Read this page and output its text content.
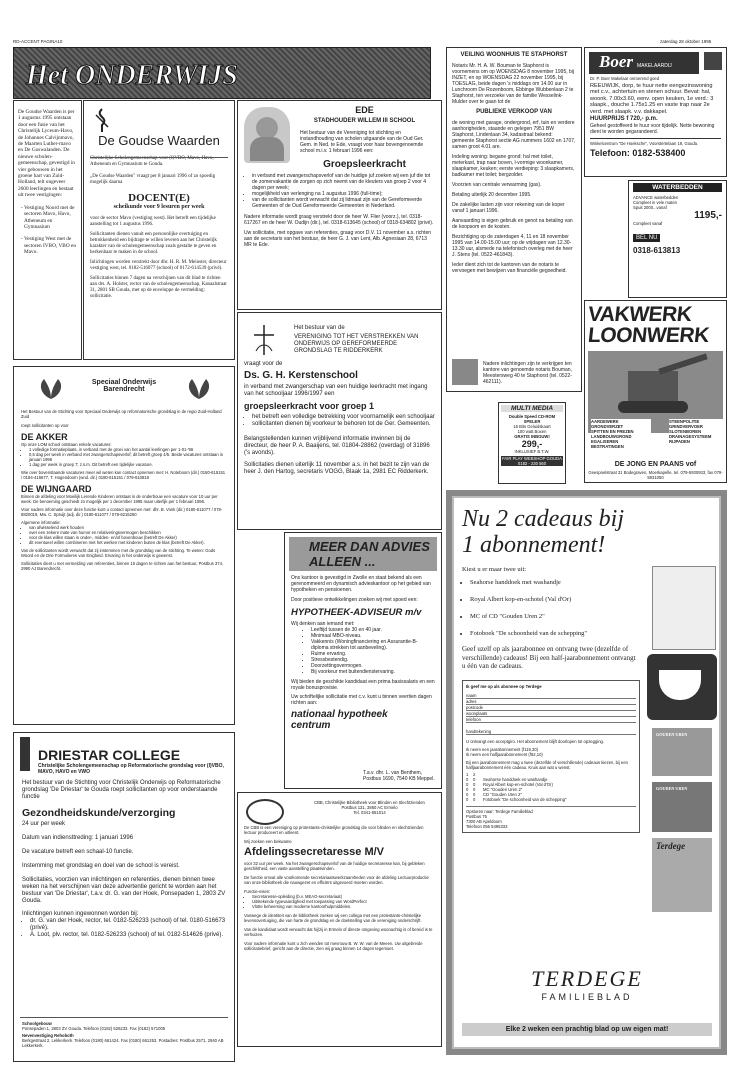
RD-ACCENT PAGINA10	zaterdag 28 oktober 1995
Het ONDERWIJS
De Goudse Waarden is per 1 augustus 1995 ontstaan door een fusie van het Christelijk Lyceum-Havo, de Johannes Calvijnmavo, de Maarten Luther-mavo en De Goswalanden. De nieuwe scholen-gemeenschap, gevestigd in vier gebouwen in het groene hart van Zuid-Holland, telt ongeveer 2600 leerlingen en bestaat uit twee vestigingen:
- Vestiging Noord met de sectoren Mavo, Havo, Atheneum en Gymnasium
- Vestiging West met de sectoren IVBO, VBO en Mavo.
De Goudse Waarden
Christelijke Scholengemeenschap voor (I)VBO, Mavo, Havo, Atheneum en Gymnasium te Gouda.
„De Goudse Waarden" vraagt per 8 januari 1996 of zo spoedig mogelijk daarna
DOCENT(E)
scheikunde voor 9 lesuren per week
voor de sector Mavo (vestiging west). Het betreft een tijdelijke aanstelling tot 1 augustus 1996.
Sollicitanten dienen vanuit een persoonlijke overtuiging en betrokkenheid een bijdrage te willen leveren aan het Christelijk karakter van de scholengemeenschap zoals gestalte te geven en herkenbaar te maken in de school.
Inlichtingen worden verstrekt door dhr. H. R. M. Meinster, directeur vestiging west, tel. 0182-516077 (school) of 0172-614539 (privé).
Sollicitaties binnen 7 dagen na verschijnen van dit blad te richten aan drs. A. Holster, rector van de scholengemeenschap, Kanaalstraat 31, 2801 SB Gouda, met op de enveloppe de vermelding: sollicitatie.
EDE
STADHOUDER WILLEM III SCHOOL
Het bestuur van de Vereniging tot stichting en instandhouding van scholen uitgaande van de Oud Ger. Gem. in Ned. te Ede, vraagt voor haar bovengenoemde school m.i.v. 1 februari 1996 een:
Groepsleerkracht
• in verband met zwangerschapsverlof van de huidige juf zoeken wij een juf die tot de zomervakantie de zorgen op zich neemt van de kleuters van groep 2 voor 4 dagen per week;
• mogelijkheid van verlenging na 1 augustus 1996 (full-time);
• van de sollicitanten wordt verwacht dat zij lidmaat zijn van de Gereformeerde Gemeenten of de Oud Gereformeerde Gemeenten in Nederland.
Nadere informatie wordt graag verstrekt door de heer W. Flier (voorz.), tel. 0318-617267 en de heer W. Oudijn (dir.), tel. 0318-613645 (school) of 0318-634802 (privé).
Uw sollicitatie, met opgave van referenties, graag voor D.V. 11 november a.s. richten aan de secretaris van het bestuur, de heer G. J. van Lent, Alb. Agnesiaan 28, 6713 MR te Ede.
VEILING WOONHUIS TE STAPHORST
Notaris Mr. H. A. W. Bouman te Staphorst is voornemens om op WOENSDAG 8 november 1995, bij INZET, en op WOENSDAG 22 november 1995, bij TOESLAG, beide dagen 's middags om 14.00 uur in Lunchroom De Rozenboom, Ebbinge Wubbenlaan 2 te Staphorst, ten verzoeke van de familie Wesselink-Mulder over te gaan tot de
PUBLIEKE VERKOOP VAN
de woning met garage, ondergrond, erf, tuin en verdere aanhorigheden, staande en gelegen 7951 BW Staphorst, Lindenlaan 34, kadastraal bekend: gemeente Staphorst sectie AG nummers 1602 en 1707, samen groot 4.01 are.
Indeling woning: begane grond: hal met toilet, meterkast, trap naar boven, l-vormige woonkamer, slaapkamer, keuken; eerste verdieping: 3 slaapkamers, badkamer met toilet; bergzolder.
Voorzien van centrale verwarming (gas).
Betaling uiterlijk 20 december 1995.
De zakelijke lasten zijn voor rekening van de koper vanaf 1 januari 1996.
Aanvaarding is eigen gebruik en genot na betaling van de koopsom en de kosten.
Bezichtiging op de zaterdagen 4, 11 en 18 november 1995 van 14.00-15.00 uur; op de vrijdagen van 12.30-13.30 uur, alsmede na telefonisch overleg met de heer J. Stens (tel. 0522-461843).
Ieder dient zich tot de kantoren van de notaris te vervoegen met bewijzen van financiële gegoedheid.
Nadere inlichtingen zijn te verkrijgen ten kantore van genoemde notaris Bouman, Meestersweg 40 te Staphorst (tel. 0522-462111).
Boer MAKELAARDIJ
Dr. P. Boer Makelaar onroerend goed
REEUWIJK, dorp, te huur nette eengezinswoning met c.v., achtertuin en stenen schuur. Bevat: hal, woonk. 7.00x3.60, eenv. open keuken, 1e verd.: 3 slaapk., douche 1.75x1.25 en vaste trap naar 2e verd. met slaapk. v.v. dakkapel.
HUURPRIJS f 720,- p.m.
Geheel gestoffeerd te huur voor tijdelijk. Nette bewoning dient te worden gegarandeerd.
Winkelcentrum "De Hoeksche", Voorstertelaan 19, Gouda.
Telefoon: 0182-538400
WATERBEDDEN
ADVANCE waterbedden
Compleet in vele maten
Spuit 2000...vanaf
1195,-
Compleet vanaf
BEL NU
0318-613813
VAKWERK
LOONWERK
AARDEWERK
GRONDVERZET
SPITTEN EN FREZEN
LANDBOUWGROND
EGALISEREN
BESTRATINGEN
STEENPOLITIE
GRINDVERVOER
SLOTENBOREN
DRAINAGESYSTEEM
RIJPADEN
DE JONG EN PAANS vof
Geespoelstraat 31 Bodegraven, Moerkapelle, tel. 079-5930933, fax 079-5931050
Speciaal Onderwijs Barendrecht
Het Bestuur van de Stichting voor Speciaal Onderwijs op reformatorische grondslag in de regio Zuid-Holland Zuid
roept sollicitanten op voor
DE AKKER
Op onze LOM school ontstaan enkele vacatures:
• 1 volledige formatieplaats, in verband met de groei van het aantal leerlingen per 1-01-'96
• 0,5 dag per week in verband met zwangerschapsverlof; dit betreft groep 4/5. Beide vacatures ontstaan in januari 1996
• 1 dag per week in groep 7; z.s.m. Dit betreft een tijdelijke vacature.
Wie over bovenstaande vacatures meer wil weten kan contact opnemen met: H. Noteboom (dir.) 0180-615151 / 0184-416677, T. Hogendoorn (wnd. dir.) 0180-615151 / 079-610818
DE WIJNGAARD
Binnen de afdeling voor Moeilijk Lerende Kinderen ontstaat in de onderbouw een vacature voor 10 uur per week. De benoeming geschiedt zo mogelijk per 1 december 1995 maar uiterlijk per 1 februari 1996.
Voor nadere informatie over deze functie kunt u contact opnemen met: dhr. B. Vonk (dir.) 0180-611077 / 078-6820019, Mw. C. Spruijt (adj. dir.) 0180-611077 / 078-6215250
Algemene informatie:
• van afwisselend werk houden
• over een zekere mate van humor en relativeringsvermogen beschikken
• voor de klas willen staan in onder-, midden- en/of bovenbouw (betreft De Akker)
• dit eventueel willen combineren met het werken met kinderen buiten de klas (betreft De Akker).
Van de sollicitanten wordt verwacht dat zij instemmen met de grondslag van de stichting. Te weten: Gods Woord en de Drie Formulieren van Enigheid. Ervaring in het onderwijs is gewenst.
Sollicitaties dient u met vermelding van referenties, binnen 10 dagen te richten aan het bestuur, Postbus 374, 2990 AJ Barendrecht.
Het bestuur van de
VERENIGING TOT HET VERSTREKKEN VAN ONDERWIJS OP GEREFORMEERDE GRONDSLAG TE RIDDERKERK
vraagt voor de
Ds. G. H. Kerstenschool
in verband met zwangerschap van een huidige leerkracht met ingang van het schooljaar 1996/1997 een
groepsleerkracht voor groep 1
• het betreft een volledige betrekking voor voornamelijk een schooljaar
• sollicitanten dienen bij voorkeur te behoren tot de Ger. Gemeenten.
Belangstellenden kunnen vrijblijvend informatie inwinnen bij de directeur, de heer P. A. Baaijens, tel. 01804-28862 (overdag) of 31896 ('s avonds).
Sollicitaties dienen uiterlijk 11 november a.s. in het bezit te zijn van de heer J. den Hartog, secretaris VOGG, Blaak 1a, 2981 EC Ridderkerk.
MULTI MEDIA
Double Speed CD-ROM SPELER
16 Bits Geluidskaart
100 watt Boxen
GRATIS INBOUW!
299,-
INKLUSIEF B.T.W.
FAIR PLAY WEBSHOP GOUDA 0182 - 230 560
Nu 2 cadeaus bij
1 abonnement!
Kiest u er maar twee uit:
• Seahorse handdoek met washandje
• Royal Albert kop-en-schotel (Val d'Or)
• MC of CD "Gouden Uren 2"
• Fotoboek "De schoonheid van de schepping"
Geef uzelf op als jaarabonnee en ontvang twee (dezelfde of verschillende) cadeaus! Bij een half-jaarabonnement ontvangt u één van de cadeaus.
GOUDEN UREN
GOUDEN UREN
Terdege
Ik geef me op als abonnee op Terdege
naam
adres
postcode
woonplaats
telefoon
handtekening
U ontvangt een acceptgiro. Het abonnement blijft doorlopen tot opzegging.
Ik neem een jaarabonnement (f119,30)
Ik neem een halfjaarabonnement (f62,10)
Bij een jaarabonnement mag u twee (dezelfde of verschillende) cadeaus kiezen, bij een halfjaarabonnement één cadeau. Kruis aan wat u wenst.
1 2
0 0 Seahorse handdoek en washandje
0 0 Royal Albert kop-en-schotel (Val d'Or)
0 0 MC "Gouden Uren 2"
0 0 CD "Gouden Uren 2"
0 0 Fotoboek "De schoonheid van de schepping"
Opsturen naar: Terdege Familieblad
Postbus 75
7300 AB Apeldoorn
Telefoon 055 5495333
TERDEGE
FAMILIEBLAD
Elke 2 weken een prachtig blad op uw eigen mat!
MEER DAN ADVIES
ALLEEN ...
Ons kantoor is gevestigd in Zwolle en staat bekend als een gerenommeerd en dynamisch advieskantoor op het gebied van hypotheken en pensioenen.
Door positieve ontwikkelingen zoeken wij met spoed een:
HYPOTHEEK-ADVISEUR m/v
Wij denken aan iemand met:
• Leeftijd tussen de 30 en 40 jaar.
• Minimaal MBO-niveau.
• Vakkennis (Woningfinanciering en Assurantie-B-diploma strekken tot aanbeveling).
• Ruime ervaring.
• Stressbestendig.
• Doorzettingsvermogen.
• Bij voorkeur met buitendienstervaring.
Wij bieden de geschikte kandidaat een prima basissalaris en een royale bonusprovisie.
Uw schriftelijke sollicitatie met c.v. kunt u binnen veertien dagen richten aan:
nationaal hypotheek
centrum
T.a.v. dhr. L. van Benthem, Postbus 1690, 7540 KB Meppel.
DRIESTAR COLLEGE
Christelijke Scholengemeenschap op Reformatorische grondslag voor (I)VBO, MAVO, HAVO en VWO
Het bestuur van de Stichting voor Christelijk Onderwijs op Reformatorische grondslag 'De Driestar' te Gouda roept sollicitanten op voor onderstaande functie
Gezondheidskunde/verzorging
24 uur per week
Datum van indiensttreding: 1 januari 1996
De vacature betreft een schaal-10 functie.
Instemming met grondslag en doel van de school is vereist.
Sollicitaties, voorzien van inlichtingen en referenties, dienen binnen twee weken na het verschijnen van deze advertentie gericht te worden aan het bestuur van 'De Driestar', t.a.v. dr. G. van der Hoek, Ponsepaden 1, 2803 ZV Gouda.
Inlichtingen kunnen ingewonnen worden bij:
• dr. G. van der Hoek, rector, tel. 0182-526233 (school) of tel. 0180-516673 (privé).
• A. Loot, plv. rector, tel. 0182-526233 (school) of tel. 0182-514626 (privé).
Schoolgebouw
Ponsepaden 1, 2803 ZV Gouda. Telefoon (0182) 526233. Fax (0182) 571005
Nevenvestiging Rehoboth
Berkgestraat 2, Lekkerkerk. Telefoon (0180) 661424. Fax (0180) 661253. Postadres: Postbus 2571, 2940 AB Lekkerkerk.
CBB, Christelijke Bibliotheek voor Blinden en Slechtzienden
Postbus 131, 3860 AC Ermelo
Tel. 0341-551014
De CBB is een vereniging op protestants-christelijke grondslag die voor blinden en slechtzienden lectuur produceert en uitleent.
Wij zoeken een bekwame
Afdelingssecretaresse M/V
voor 32 uur per week. Na het zwangerschapsverlof van de huidige secretaresse kan, bij gebleken geschiktheid, een vaste aanstelling plaatsvinden.
De functie omvat alle voorkomende secretariaatswerkzaamheden voor de afdeling Lectuurproductie van onze bibliotheek die nauwgezet en efficiënt uitgevoerd moeten worden.
Functie-eisen:
• Secretaresse-opleiding (b.v. MEAO-secretariaat)
• Uitstekende typevaardigheid met toepassing van WordPerfect
• Vlotte beheersing van moderne kantoorhulpmiddelen.
Vanwege de identiteit van de bibliotheek zoeken wij een collega met een protestants-christelijke levensovertuiging, die van harte de grondslag en de doelstelling van de vereniging onderschrijft.
Van de kandidaat wordt verwacht dat hij/zij in Ermelo of directe omgeving woonachtig is of bereid is te verhuizen.
Voor nadere informatie kunt u zich wenden tot mevrouw B. W. W. van de Meeen. Uw uitgebreide sollicitatiebrief, gericht aan de directie, zien wij graag binnen 14 dagen tegemoet.
